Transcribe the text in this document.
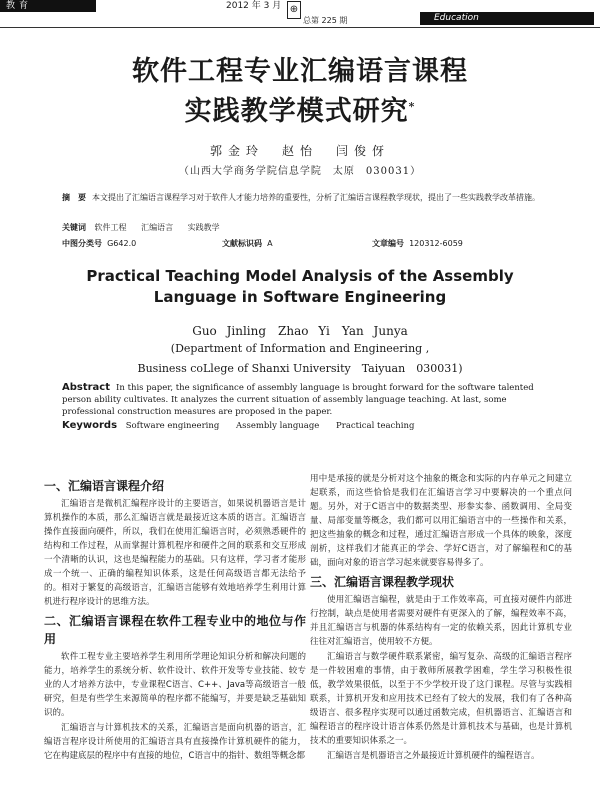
教育	2012 年 3 月 ⊕
总第 225 期	Education
软件工程专业汇编语言课程

实践教学模式研究*
郭金玲　赵怡　闫俊伢
（山西大学商务学院信息学院　太原　030031）
摘　要 本文提出了汇编语言课程学习对于软件人才能力培养的重要性，分析了汇编语言课程教学现状，提出了一些实践教学改革措施。
关键词 软件工程 汇编语言 实践教学
中图分类号 G642.0	文献标识码 A	文章编号 120312-6059
Practical Teaching Model Analysis of the Assembly
Language in Software Engineering
Guo Jinling　Zhao Yi　Yan Junya
(Department of Information and Engineering ,
Business coLlege of Shanxi University　Taiyuan　030031)
Abstract In this paper, the significance of assembly language is brought forward for the software talented person ability cultivates. It analyzes the current situation of assembly language teaching. At last, some professional construction measures are proposed in the paper.
Keywords Software engineering Assembly language Practical teaching
一、汇编语言课程介绍

汇编语言是微机汇编程序设计的主要语言，如果说机器语言是计算机操作的本质，那么汇编语言就是最接近这本质的语言。汇编语言操作直接面向硬件，所以，我们在使用汇编语言时，必须熟悉硬件的结构和工作过程，从而掌握计算机程序和硬件之间的联系和交互形成一个清晰的认识，这也是编程能力的基础。只有这样，学习者才能形成一个统一、正确的编程知识体系，这是任何高级语言都无法给予的。相对于繁复的高级语言，汇编语言能够有效地培养学生利用计算机进行程序设计的思维方法。

二、汇编语言课程在软件工程专业中的地位与作用

软件工程专业主要培养学生利用所学理论知识分析和解决问题的能力，培养学生的系统分析、软件设计、软件开发等专业技能、较专业的人才培养方法中，专业课程C语言、C++、Java等高级语言一般研究，但是有些学生来源简单的程序都不能编写，并要是缺乏基础知识的。

汇编语言与计算机技术的关系，汇编语言是面向机器的语言，汇编语言程序设计所使用的汇编语言具有直接操作计算机硬件的能力，它在构建底层的程序中有直接的地位，C语言中的指针、数组等概念都

用中是承接的就是分析对这个抽象的概念和实际的内存单元之间建立起联系，而这些恰恰是我们在汇编语言学习中要解决的一个重点问题。另外，对于C语言中的数据类型、形参实参、函数调用、全局变量、局部变量等概念，我们都可以用汇编语言中的一些操作和关系，把这些抽象的概念和过程，通过汇编语言形成一个具体的映象，深度剖析，这样我们才能真正的学会、学好C语言，对了解编程和C的基础，面向对象的语言学习起来就要容易得多了。

三、汇编语言课程教学现状

使用汇编语言编程，就是由于工作效率高，可直接对硬件内部进行控制，缺点是使用者需要对硬件有更深入的了解，编程效率不高，并且汇编语言与机器的体系结构有一定的依赖关系，因此计算机专业往往对汇编语言，使用较不方便。

汇编语言与数学硬件联系紧密，编写复杂、高级的汇编语言程序是一件较困难的事情，由于教师所展教学困难，学生学习积极性很低，教学效果很低，以至于不少学校开设了这门课程。尽管与实践相联系，计算机开发和应用技术已经有了较大的发展，我们有了各种高级语言、很多程序实现可以通过函数完成，但机器语言、汇编语言和编程语言的程序设计语言体系仍然是计算机技术与基础，也是计算机技术的重要知识体系之一。

汇编语言是机器语言之外最接近计算机硬件的编程语言。
